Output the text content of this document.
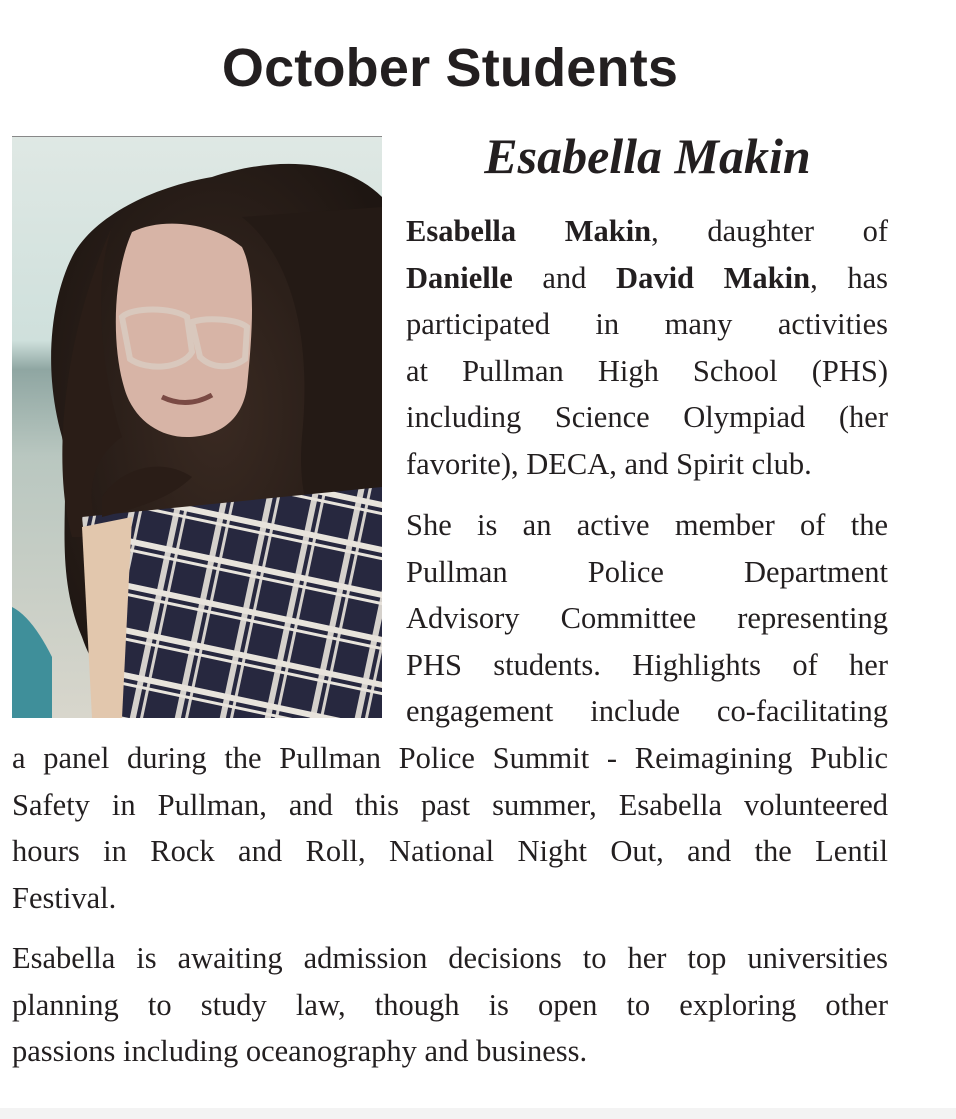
October Students
Esabella Makin
Esabella Makin, daughter of
Danielle and David Makin, has
participated in many activities
at Pullman High School (PHS)
including Science Olympiad (her
favorite), DECA, and Spirit club.
She is an active member of the
Pullman Police Department
Advisory Committee representing
PHS students. Highlights of her
engagement include co-facilitating
a panel during the Pullman Police Summit - Reimagining Public
Safety in Pullman, and this past summer, Esabella volunteered
hours in Rock and Roll, National Night Out, and the Lentil
Festival.
Esabella is awaiting admission decisions to her top universities
planning to study law, though is open to exploring other
passions including oceanography and business.
